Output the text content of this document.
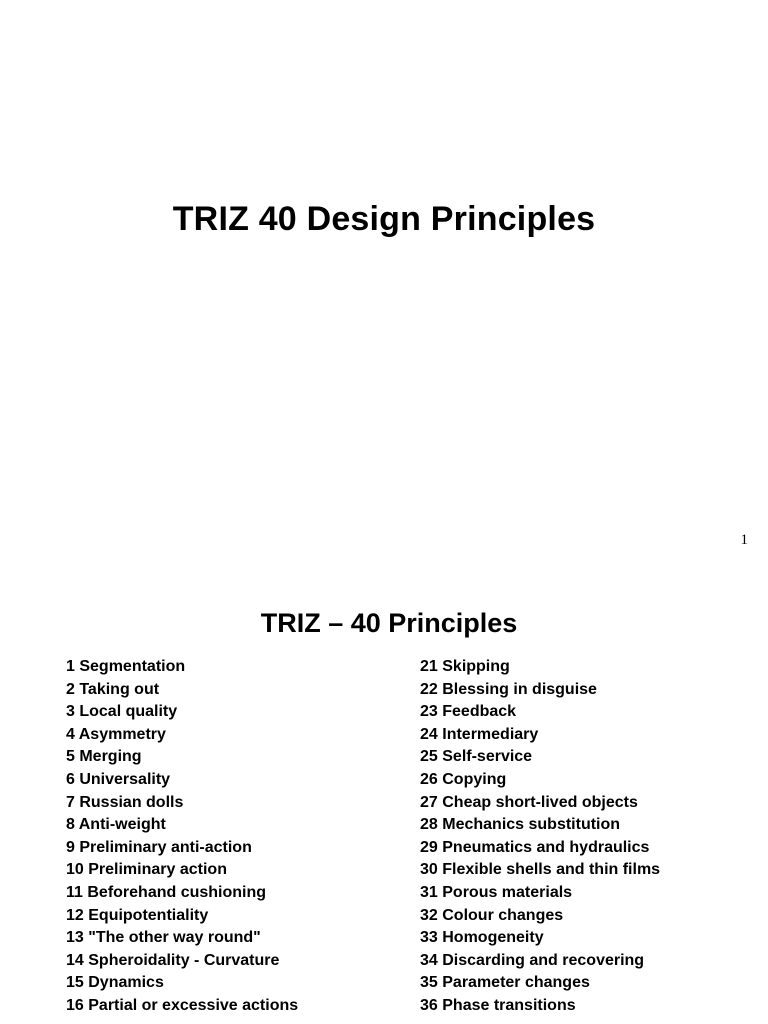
TRIZ 40 Design Principles
1
TRIZ – 40 Principles
1 Segmentation
2 Taking out
3 Local quality
4 Asymmetry
5 Merging
6 Universality
7 Russian dolls
8 Anti-weight
9 Preliminary anti-action
10 Preliminary action
11 Beforehand cushioning
12 Equipotentiality
13 "The other way round"
14 Spheroidality - Curvature
15 Dynamics
16 Partial or excessive actions
21 Skipping
22 Blessing in disguise
23 Feedback
24 Intermediary
25 Self-service
26 Copying
27 Cheap short-lived objects
28 Mechanics substitution
29 Pneumatics and hydraulics
30 Flexible shells and thin films
31 Porous materials
32 Colour changes
33 Homogeneity
34 Discarding and recovering
35 Parameter changes
36 Phase transitions
